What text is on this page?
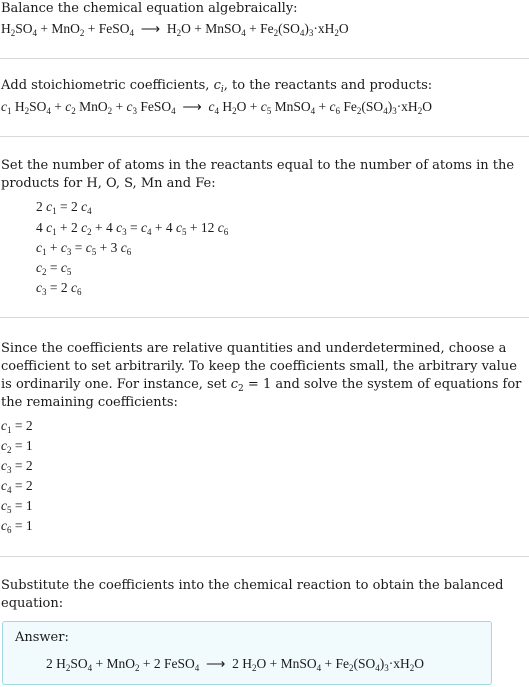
Balance the chemical equation algebraically:
$H_2SO_4 + MnO_2$ + FeSO$_4$  ⟶  $H_2O$ + MnSO$_4$ + $Fe_2(SO_4)_3\cdot xH_2O$
Add stoichiometric coefficients, $c_i$, to the reactants and products:
$c_1$ $H_2SO_4 + c_2$ $MnO_2 + c_3$ FeSO$_4$  ⟶  $c_4$ $H_2O + c_5$ MnSO$_4$ + $c_6$ $Fe_2(SO_4)_3\cdot xH_2O$
Set the number of atoms in the reactants equal to the number of atoms in the products for H, O, S, Mn and Fe:
2 $c_1 = 2$ $c_4$
4 $c_1 + 2$ $c_2 + 4$ $c_3 = c_4 + 4$ $c_5 + 12$ $c_6$
$c_1 + c_3 = c_5 + 3$ $c_6$
$c_2 = c_5$
$c_3 = 2$ $c_6$
Since the coefficients are relative quantities and underdetermined, choose a coefficient to set arbitrarily. To keep the coefficients small, the arbitrary value is ordinarily one. For instance, set $c_2 = 1$ and solve the system of equations for the remaining coefficients:
$c_1 = 2$
$c_2 = 1$
$c_3 = 2$
$c_4 = 2$
$c_5 = 1$
$c_6 = 1$
Substitute the coefficients into the chemical reaction to obtain the balanced equation:
Answer:
2 $H_2SO_4 + MnO_2 + 2$ FeSO$_4$  ⟶  2 $H_2O$ + MnSO$_4$ + $Fe_2(SO_4)_3\cdot xH_2O$
